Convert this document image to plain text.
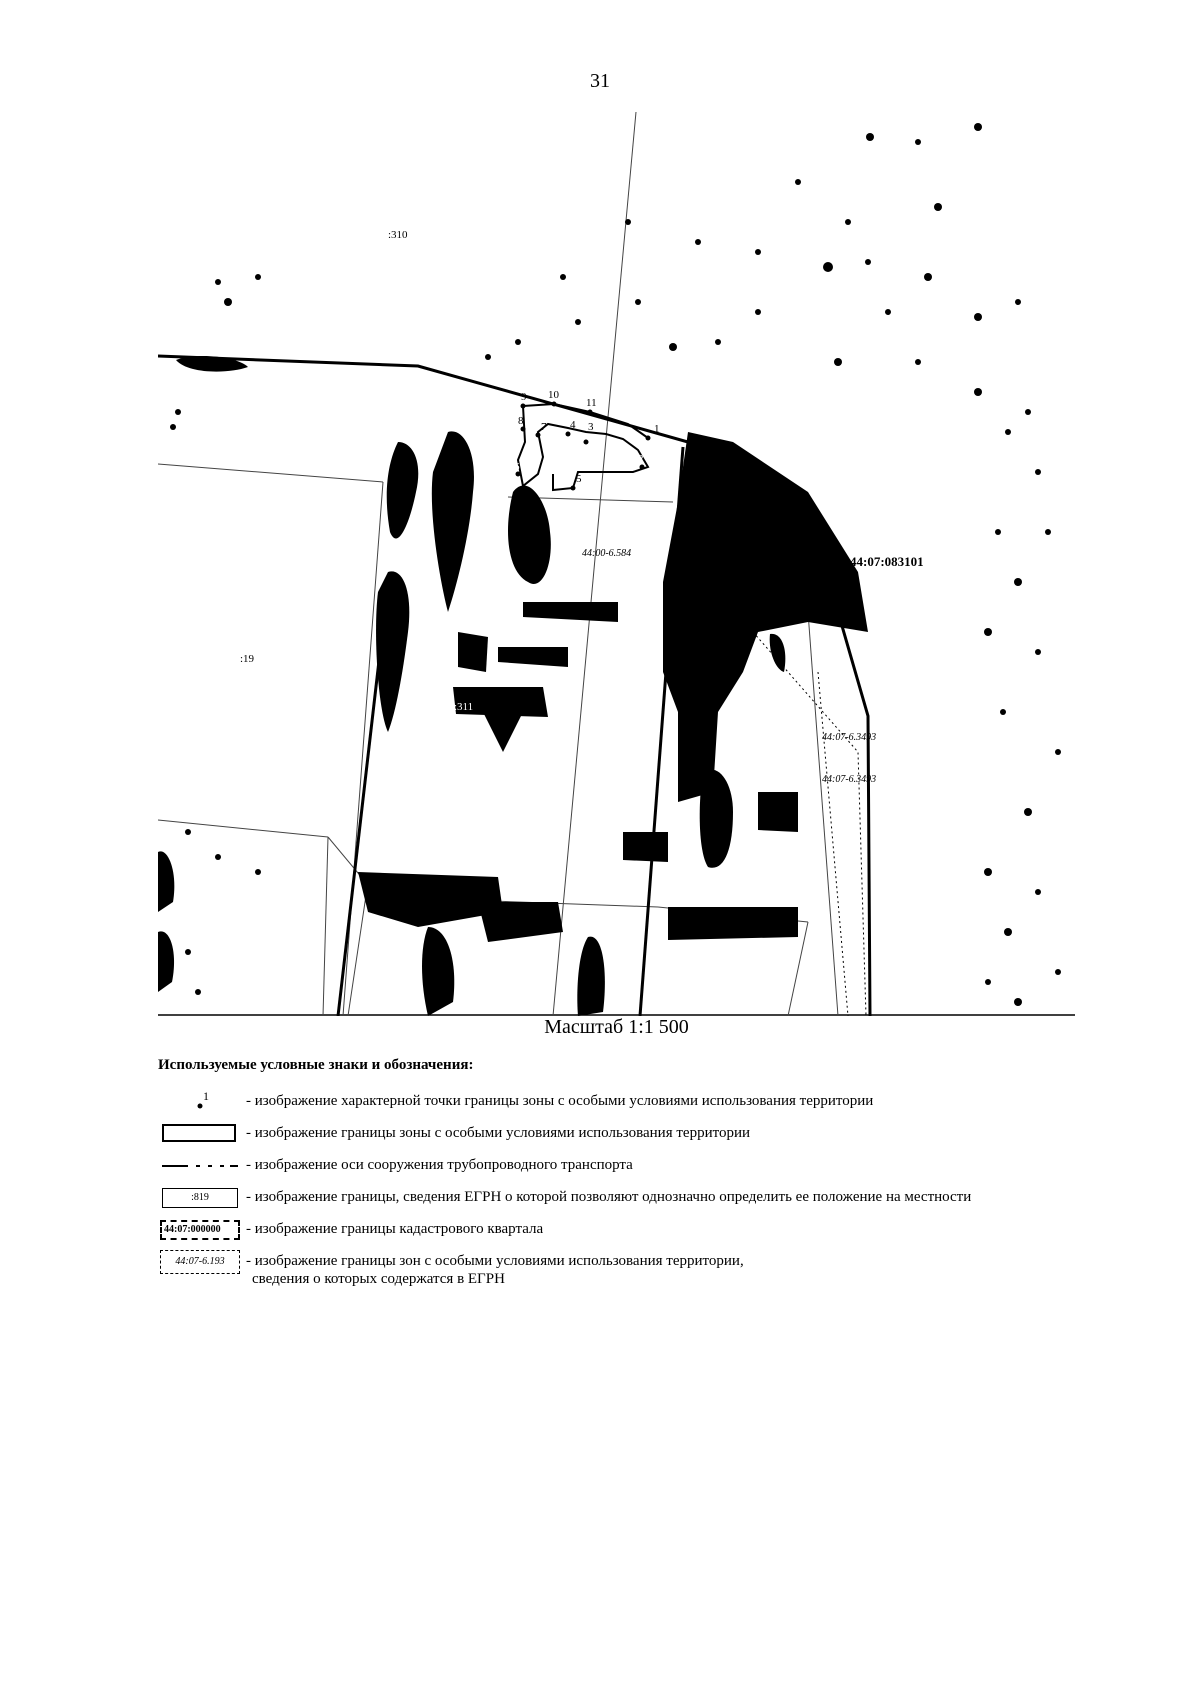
31
1
2
3
4
5
6
7
8
9 10
11
:310
:311
:19
:311
:322
:07
44:07:083101
44:00-6.584
44:07-6.3493
44:07-6.3493
Масштаб 1:1 500
Используемые условные знаки и обозначения:
1 - изображение характерной точки границы зоны с особыми условиями использования территории
- изображение границы зоны с особыми условиями использования территории
- изображение оси сооружения трубопроводного транспорта
:819	- изображение границы, сведения ЕГРН о которой позволяют однозначно определить ее положение на местности
44:07:000000	- изображение границы кадастрового квартала
44:07-6.193	- изображение границы зон с особыми условиями использования территории,
сведения о которых содержатся в ЕГРН
